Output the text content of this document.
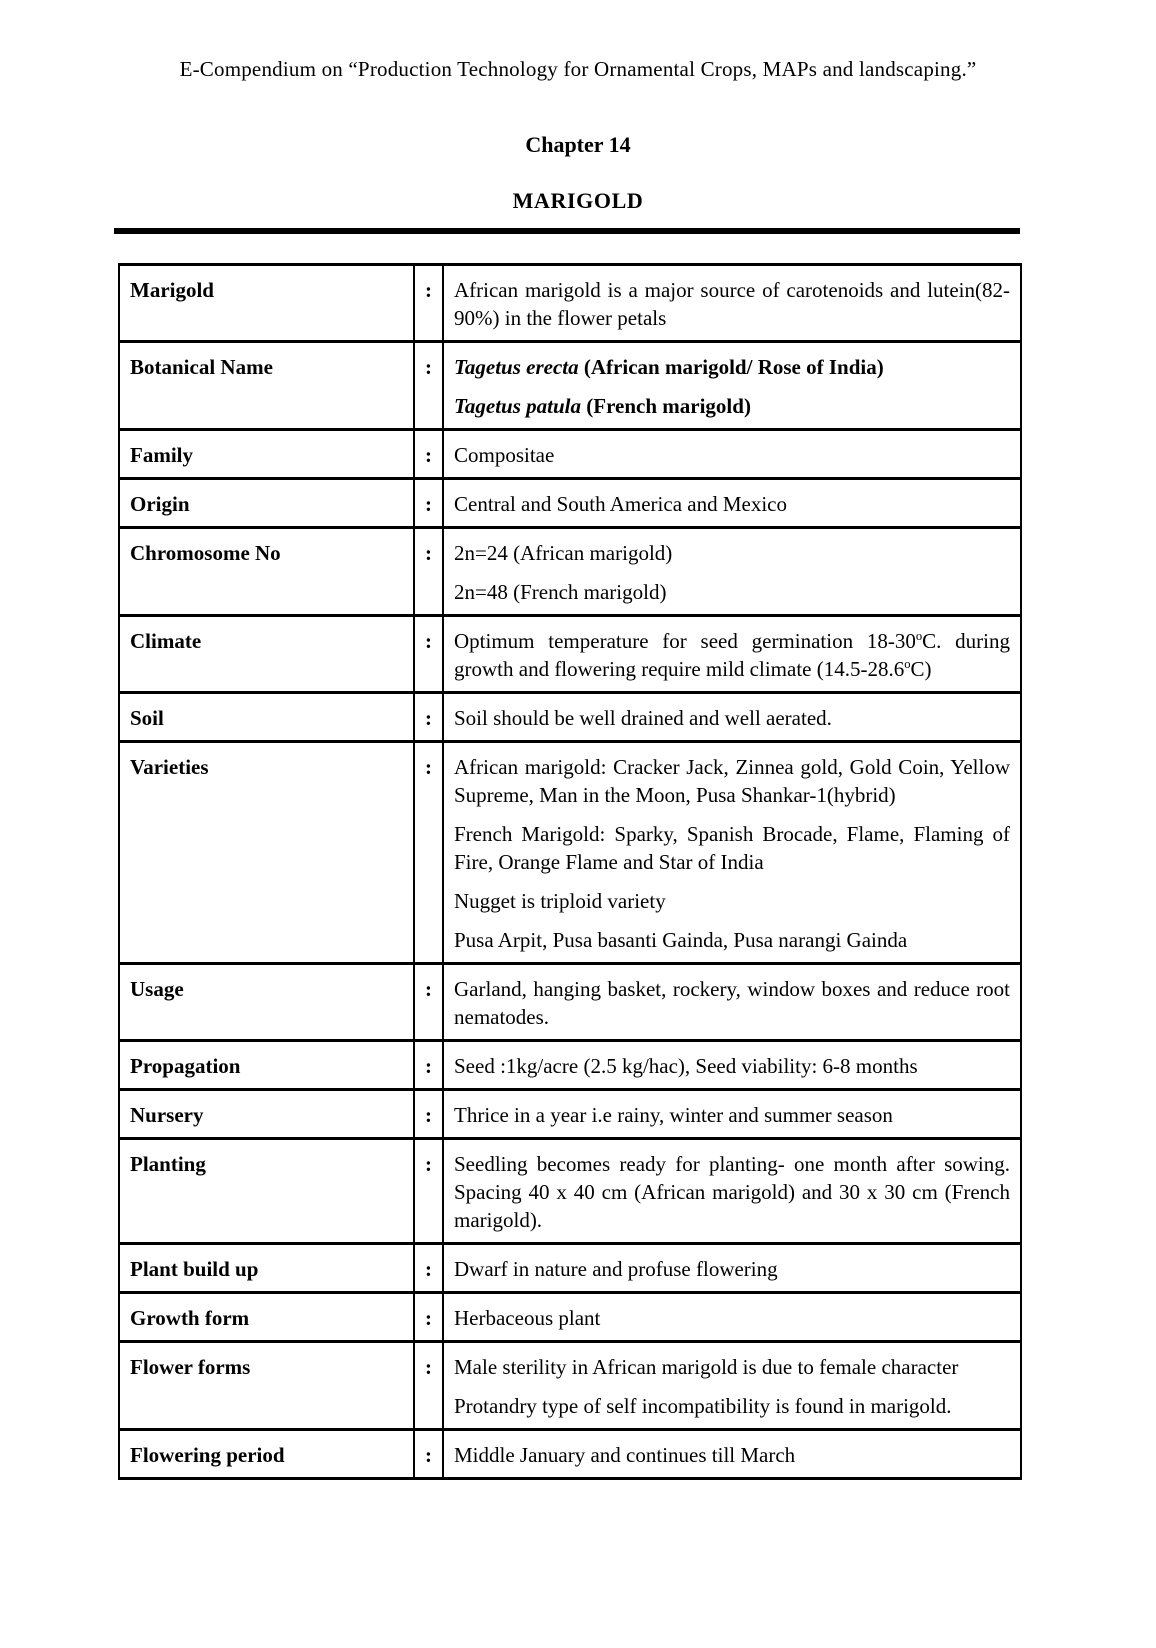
E-Compendium on “Production Technology for Ornamental Crops, MAPs and landscaping.”
Chapter 14
MARIGOLD
Marigold	:	African marigold is a major source of carotenoids and lutein(82-90%) in the flower petals

Botanical Name	:	Tagetus erecta (African marigold/ Rose of India)
Tagetus patula (French marigold)

Family	:	Compositae

Origin	:	Central and South America and Mexico

Chromosome No	:	2n=24 (African marigold)
2n=48 (French marigold)

Climate	:	Optimum temperature for seed germination 18-30$^o$C. during growth and flowering require mild climate (14.5-28.6$^o$C)

Soil	:	Soil should be well drained and well aerated.

Varieties	:	African marigold: Cracker Jack, Zinnea gold, Gold Coin, Yellow Supreme, Man in the Moon, Pusa Shankar-1(hybrid)
French Marigold: Sparky, Spanish Brocade, Flame, Flaming of Fire, Orange Flame and Star of India
Nugget is triploid variety
Pusa Arpit, Pusa basanti Gainda, Pusa narangi Gainda

Usage	:	Garland, hanging basket, rockery, window boxes and reduce root nematodes.

Propagation	:	Seed :1kg/acre (2.5 kg/hac), Seed viability: 6-8 months

Nursery	:	Thrice in a year i.e rainy, winter and summer season

Planting	:	Seedling becomes ready for planting- one month after sowing. Spacing 40 x 40 cm (African marigold) and 30 x 30 cm (French marigold).

Plant build up	:	Dwarf in nature and profuse flowering

Growth form	:	Herbaceous plant

Flower forms	:	Male sterility in African marigold is due to female character
Protandry type of self incompatibility is found in marigold.

Flowering period	:	Middle January and continues till March
